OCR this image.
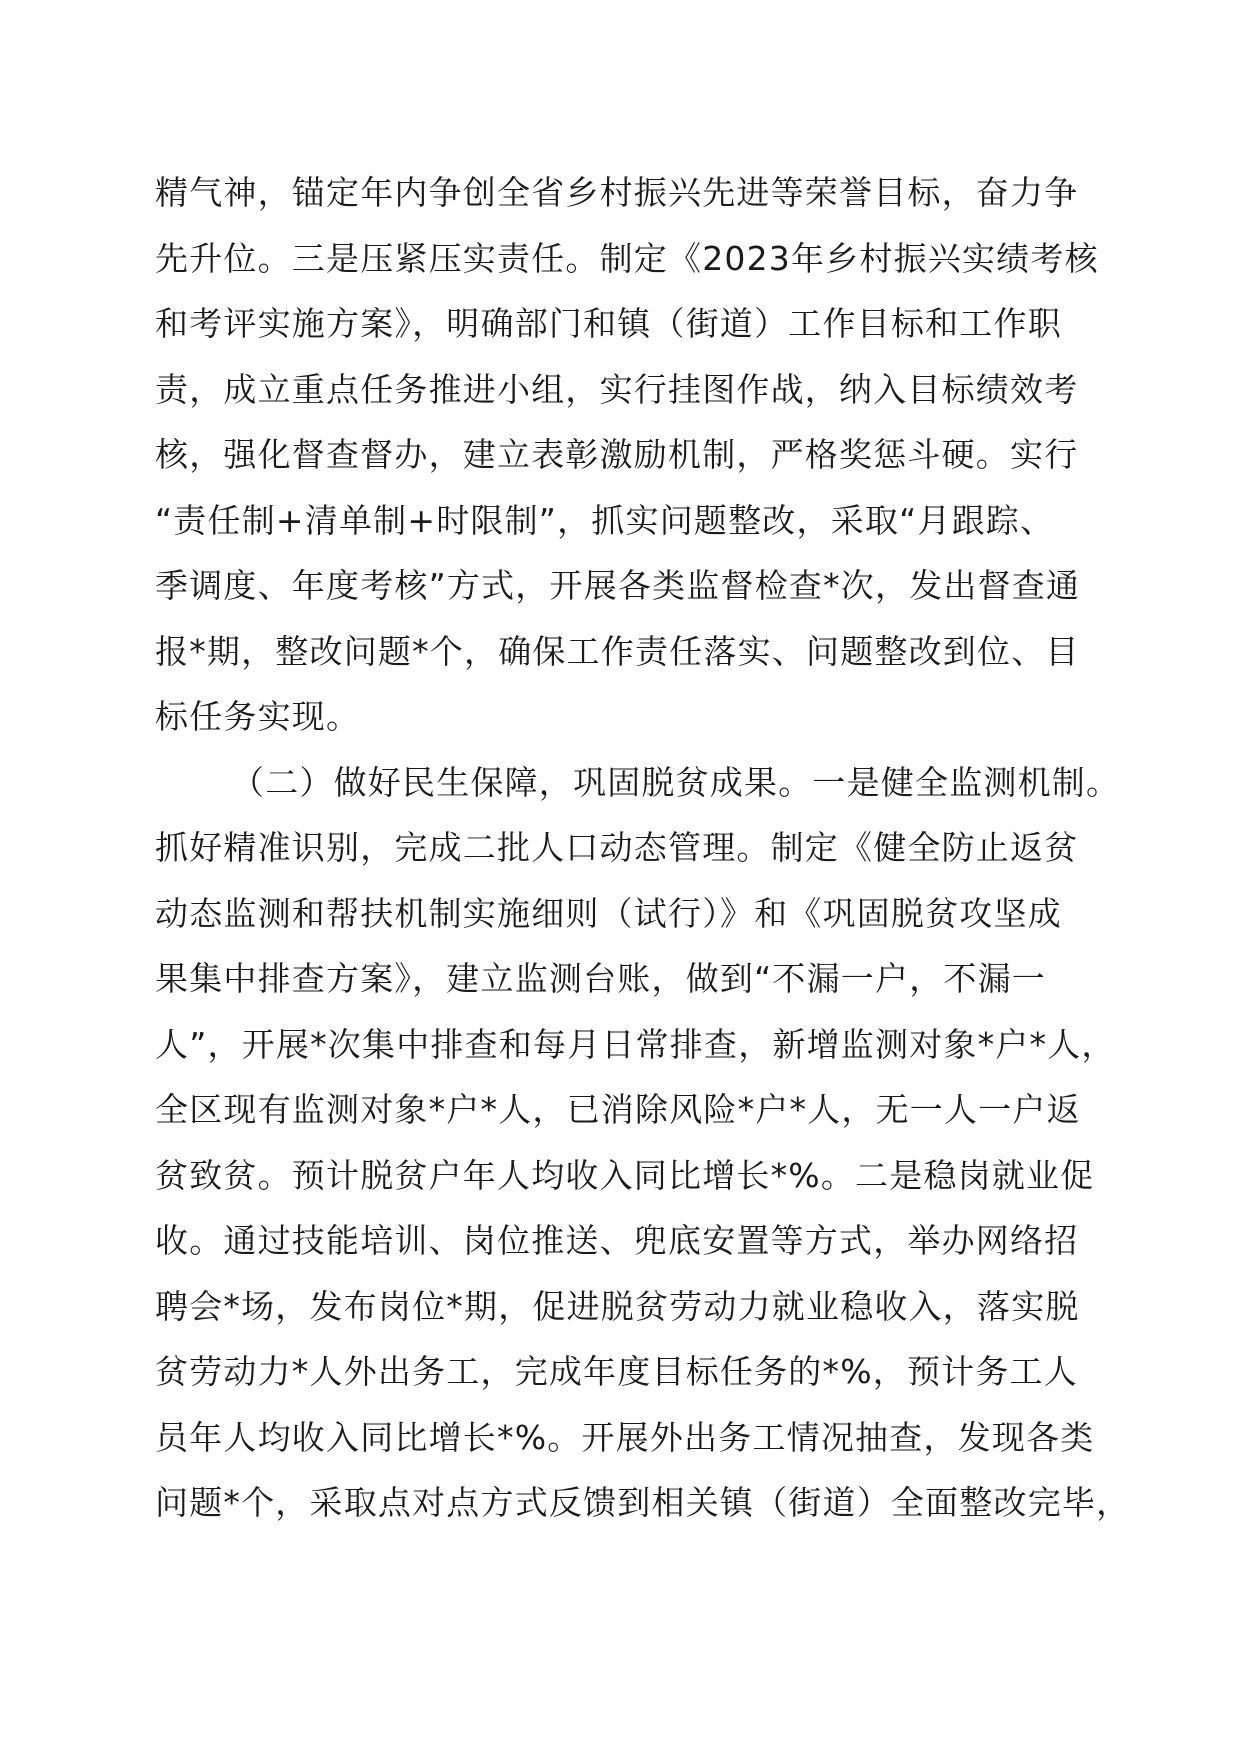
精气神，锚定年内争创全省乡村振兴先进等荣誉目标，奋力争
先升位。三是压紧压实责任。制定《2023年乡村振兴实绩考核
和考评实施方案》，明确部门和镇（街道）工作目标和工作职
责，成立重点任务推进小组，实行挂图作战，纳入目标绩效考
核，强化督查督办，建立表彰激励机制，严格奖惩斗硬。实行
“责任制+清单制+时限制”，抓实问题整改，采取“月跟踪、
季调度、年度考核”方式，开展各类监督检查*次，发出督查通
报*期，整改问题*个，确保工作责任落实、问题整改到位、目
标任务实现。
（二）做好民生保障，巩固脱贫成果。一是健全监测机制。
抓好精准识别，完成二批人口动态管理。制定《健全防止返贫
动态监测和帮扶机制实施细则（试行）》和《巩固脱贫攻坚成
果集中排查方案》，建立监测台账，做到“不漏一户，不漏一
人”，开展*次集中排查和每月日常排查，新增监测对象*户*人，
全区现有监测对象*户*人，已消除风险*户*人，无一人一户返
贫致贫。预计脱贫户年人均收入同比增长*%。二是稳岗就业促
收。通过技能培训、岗位推送、兜底安置等方式，举办网络招
聘会*场，发布岗位*期，促进脱贫劳动力就业稳收入，落实脱
贫劳动力*人外出务工，完成年度目标任务的*%，预计务工人
员年人均收入同比增长*%。开展外出务工情况抽查，发现各类
问题*个，采取点对点方式反馈到相关镇（街道）全面整改完毕，
